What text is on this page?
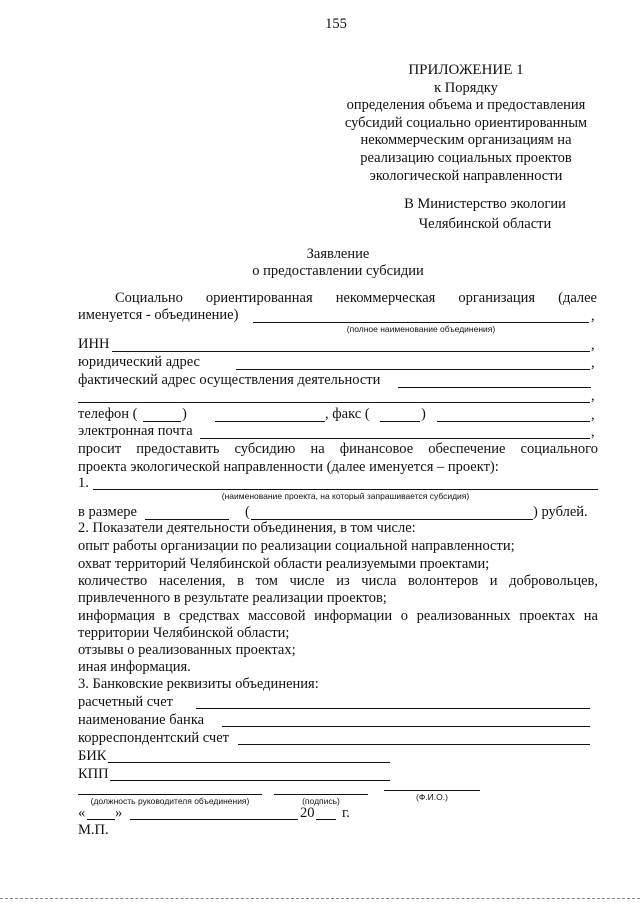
155
ПРИЛОЖЕНИЕ 1
к Порядку
определения объема и предоставления
субсидий социально ориентированным
некоммерческим организациям на
реализацию социальных проектов
экологической направленности
В Министерство экологии
Челябинской области
Заявление
о предоставлении субсидии
Социально ориентированная некоммерческая организация (далее
именуется - объединение)	,
(полное наименование объединения)
ИНН	,
юридический адрес	,
фактический адрес осуществления деятельности
,
телефон (	)	, факс (	)	,
электронная почта	,
просит предоставить субсидию на финансовое обеспечение социального
проекта экологической направленности (далее именуется – проект):
1.
(наименование проекта, на который запрашивается субсидия)
в размере	(	) рублей.
2. Показатели деятельности объединения, в том числе:
опыт работы организации по реализации социальной направленности;
охват территорий Челябинской области реализуемыми проектами;
количество населения, в том числе из числа волонтеров и добровольцев,
привлеченного в результате реализации проектов;
информация в средствах массовой информации о реализованных проектах на
территории Челябинской области;
отзывы о реализованных проектах;
иная информация.
3. Банковские реквизиты объединения:
расчетный счет
наименование банка
корреспондентский счет
БИК
КПП
(должность руководителя объединения)	(подпись)	(Ф.И.О.)
« »	20 г.
М.П.
